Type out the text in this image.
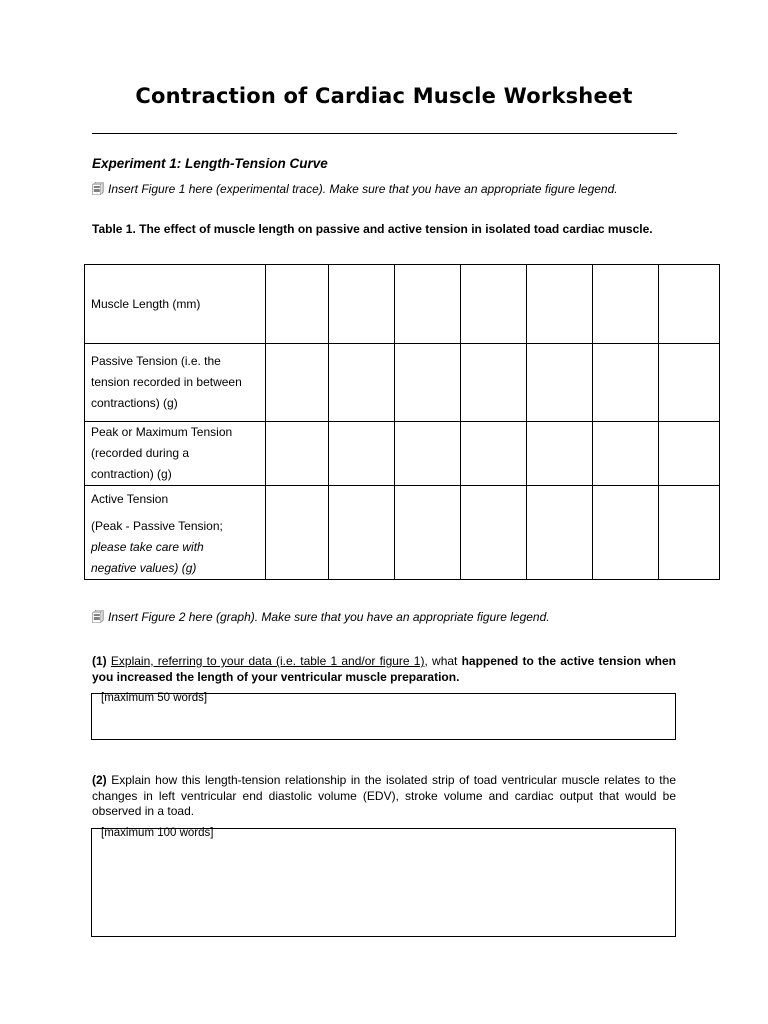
Contraction of Cardiac Muscle Worksheet
Experiment 1: Length-Tension Curve
🗐 Insert Figure 1 here (experimental trace). Make sure that you have an appropriate figure legend.
Table 1. The effect of muscle length on passive and active tension in isolated toad cardiac muscle.
Muscle Length (mm)							

Passive Tension (i.e. the
tension recorded in between
contractions) (g)							

Peak or Maximum Tension
(recorded during a
contraction) (g)							

Active Tension
(Peak - Passive Tension;
please take care with
negative values) (g)							

🗐 Insert Figure 2 here (graph). Make sure that you have an appropriate figure legend.
(1) Explain, referring to your data (i.e. table 1 and/or figure 1), what happened to the active tension when you increased the length of your ventricular muscle preparation.
[maximum 50 words]
(2) Explain how this length-tension relationship in the isolated strip of toad ventricular muscle relates to the changes in left ventricular end diastolic volume (EDV), stroke volume and cardiac output that would be observed in a toad.
[maximum 100 words]
